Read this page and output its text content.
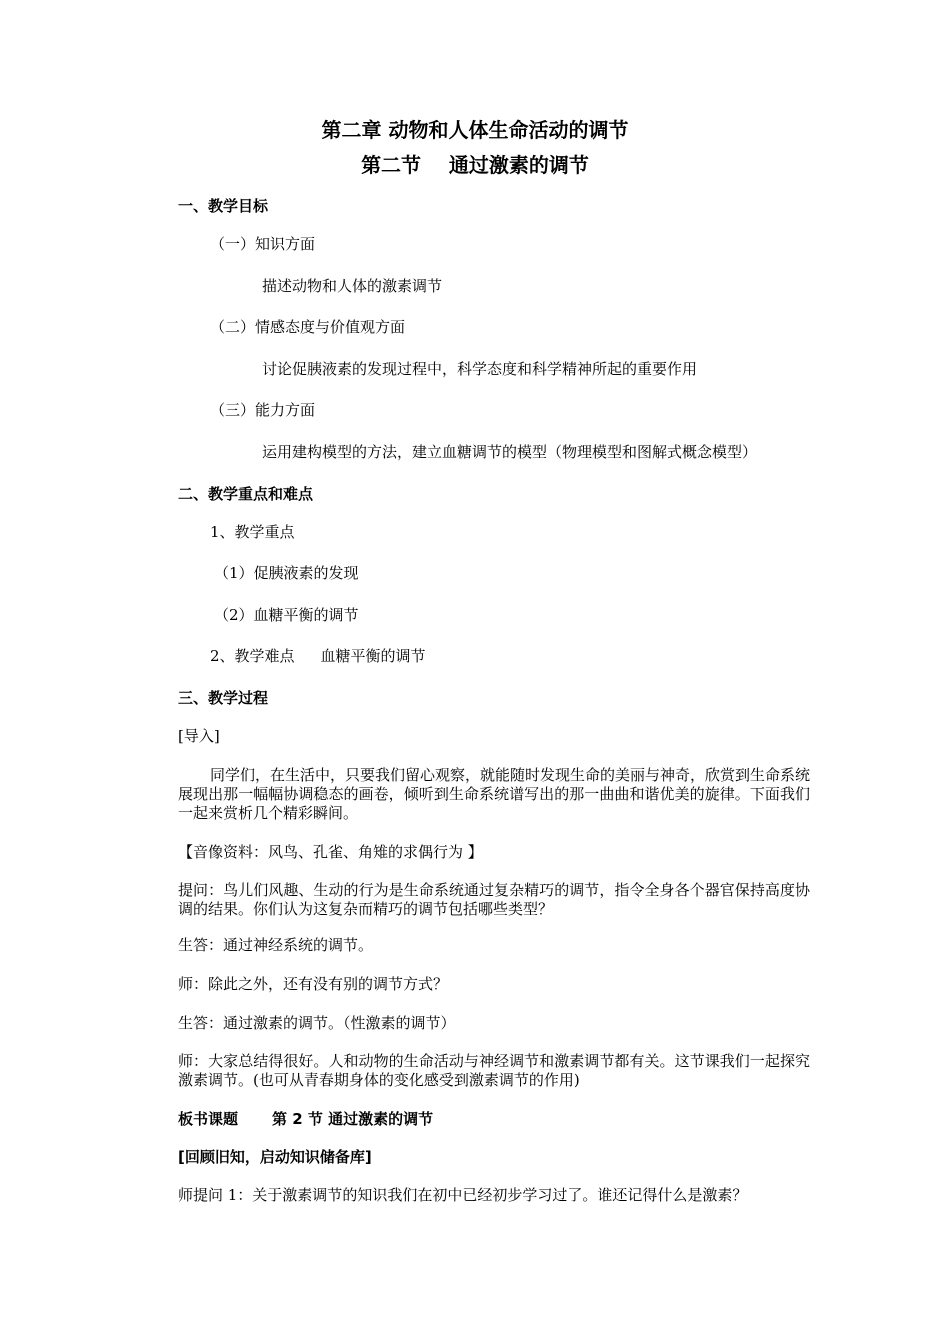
第二章 动物和人体生命活动的调节
第二节    通过激素的调节
一、教学目标
（一）知识方面
描述动物和人体的激素调节
（二）情感态度与价值观方面
讨论促胰液素的发现过程中，科学态度和科学精神所起的重要作用
（三）能力方面
运用建构模型的方法，建立血糖调节的模型（物理模型和图解式概念模型）
二、教学重点和难点
1、教学重点
（1）促胰液素的发现
（2）血糖平衡的调节
2、教学难点 血糖平衡的调节
三、教学过程
[导入]
同学们，在生活中，只要我们留心观察，就能随时发现生命的美丽与神奇，欣赏到生命系统展现出那一幅幅协调稳态的画卷，倾听到生命系统谱写出的那一曲曲和谐优美的旋律。下面我们一起来赏析几个精彩瞬间。
【音像资料：风鸟、孔雀、角雉的求偶行为 】
提问：鸟儿们风趣、生动的行为是生命系统通过复杂精巧的调节，指令全身各个器官保持高度协调的结果。你们认为这复杂而精巧的调节包括哪些类型？
生答：通过神经系统的调节。
师：除此之外，还有没有别的调节方式？
生答：通过激素的调节。（性激素的调节）
师：大家总结得很好。人和动物的生命活动与神经调节和激素调节都有关。这节课我们一起探究激素调节。(也可从青春期身体的变化感受到激素调节的作用)
板书课题 第 2 节 通过激素的调节
[回顾旧知，启动知识储备库]
师提问 1：关于激素调节的知识我们在初中已经初步学习过了。谁还记得什么是激素？
